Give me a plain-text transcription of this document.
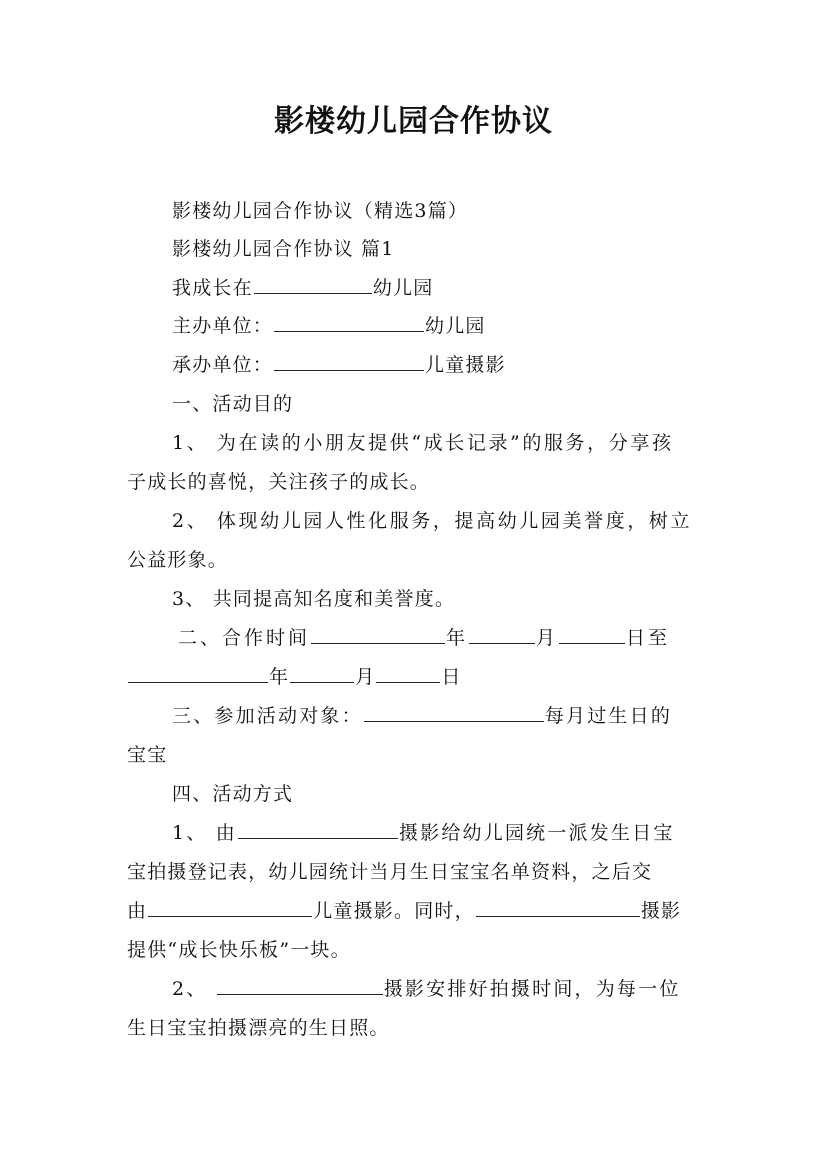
影楼幼儿园合作协议
影楼幼儿园合作协议（精选3篇）
影楼幼儿园合作协议 篇1
我成长在	幼儿园
主办单位：	幼儿园
承办单位：	儿童摄影
一、活动目的
1、 为在读的小朋友提供“成长记录”的服务，分享孩
子成长的喜悦，关注孩子的成长。
2、 体现幼儿园人性化服务，提高幼儿园美誉度，树立
公益形象。
3、 共同提高知名度和美誉度。
二、合作时间	年	月	日至
年	月	日
三、参加活动对象：	每月过生日的
宝宝
四、活动方式
1、 由	摄影给幼儿园统一派发生日宝
宝拍摄登记表，幼儿园统计当月生日宝宝名单资料，之后交
由	儿童摄影。同时，	摄影
提供“成长快乐板”一块。
2、	摄影安排好拍摄时间，为每一位
生日宝宝拍摄漂亮的生日照。
